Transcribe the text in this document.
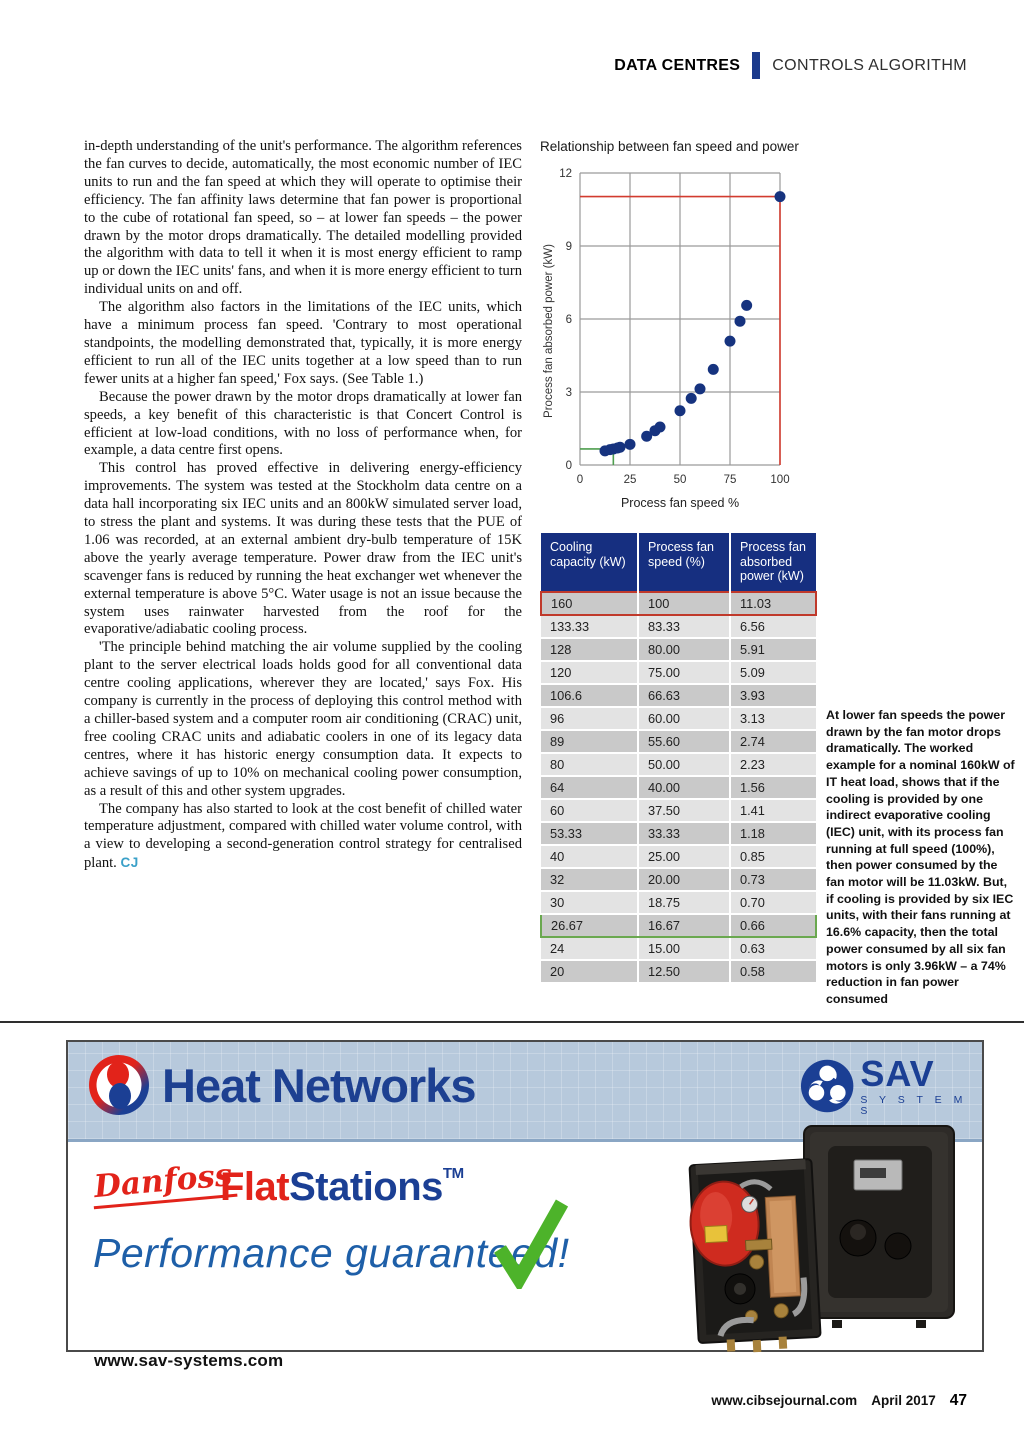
DATA CENTRES CONTROLS ALGORITHM

in-depth understanding of the unit's performance. The algorithm references the fan curves to decide, automatically, the most economic number of IEC units to run and the fan speed at which they will operate to optimise their efficiency. The fan affinity laws determine that fan power is proportional to the cube of rotational fan speed, so – at lower fan speeds – the power drawn by the motor drops dramatically. The detailed modelling provided the algorithm with data to tell it when it is most energy efficient to ramp up or down the IEC units' fans, and when it is more energy efficient to turn individual units on and off.

The algorithm also factors in the limitations of the IEC units, which have a minimum process fan speed. 'Contrary to most operational standpoints, the modelling demonstrated that, typically, it is more energy efficient to run all of the IEC units together at a low speed than to run fewer units at a higher fan speed,' Fox says. (See Table 1.)

Because the power drawn by the motor drops dramatically at lower fan speeds, a key benefit of this characteristic is that Concert Control is efficient at low-load conditions, with no loss of performance when, for example, a data centre first opens.

This control has proved effective in delivering energy-efficiency improvements. The system was tested at the Stockholm data centre on a data hall incorporating six IEC units and an 800kW simulated server load, to stress the plant and systems. It was during these tests that the PUE of 1.06 was recorded, at an external ambient dry-bulb temperature of 15K above the yearly average temperature. Power draw from the IEC unit's scavenger fans is reduced by running the heat exchanger wet whenever the external temperature is above 5°C. Water usage is not an issue because the system uses rainwater harvested from the roof for the evaporative/adiabatic cooling process.

'The principle behind matching the air volume supplied by the cooling plant to the server electrical loads holds good for all conventional data centre cooling applications, wherever they are located,' says Fox. His company is currently in the process of deploying this control method with a chiller-based system and a computer room air conditioning (CRAC) unit, free cooling CRAC units and adiabatic coolers in one of its legacy data centres, where it has historic energy consumption data. It expects to achieve savings of up to 10% on mechanical cooling power consumption, as a result of this and other system upgrades.

The company has also started to look at the cost benefit of chilled water temperature adjustment, compared with chilled water volume control, with a view to developing a second-generation control strategy for centralised plant. CJ

Relationship between fan speed and power
Process fan absorbed power (kW)
0	25	50	75	100
0
3
6
9
12
Process fan speed %
Cooling capacity (kW)	Process fan speed (%)	Process fan absorbed power (kW)
160	100	11.03
133.33	83.33	6.56
128	80.00	5.91
120	75.00	5.09
106.6	66.63	3.93
96	60.00	3.13
89	55.60	2.74
80	50.00	2.23
64	40.00	1.56
60	37.50	1.41
53.33	33.33	1.18
40	25.00	0.85
32	20.00	0.73
30	18.75	0.70
26.67	16.67	0.66
24	15.00	0.63
20	12.50	0.58
At lower fan speeds the power drawn by the fan motor drops dramatically. The worked example for a nominal 160kW of IT heat load, shows that if the cooling is provided by one indirect evaporative cooling (IEC) unit, with its process fan running at full speed (100%), then power consumed by the fan motor will be 11.03kW. But, if cooling is provided by six IEC units, with their fans running at 16.6% capacity, then the total power consumed by all six fan motors is only 3.96kW – a 74% reduction in fan power consumed
Heat Networks	SAV
S Y S T E M S
Danfoss
FlatStations™
Performance guaranteed!
www.sav-systems.com
www.cibsejournal.com April 2017 47
